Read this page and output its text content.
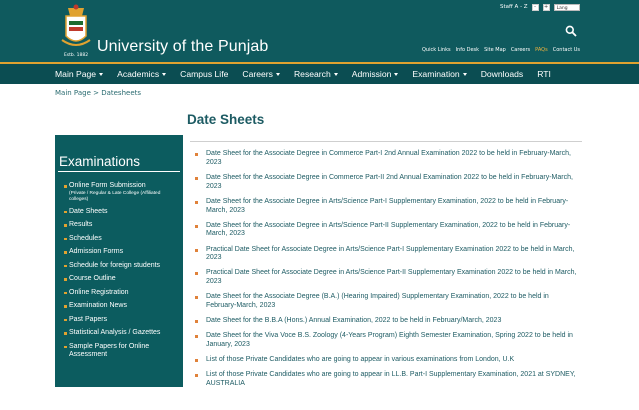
Estb. 1882
University of the Punjab
Staff A - Z	-	+	Lang
Quick Links Info Desk Site Map Careers PAQs Contact Us
Main Page Academics Campus Life Careers Research Admission Examination Downloads RTI
Main Page > Datesheets
Date Sheets
Examinations
Online Form Submission
(Private / Regular & Late College (Affiliated colleges)
Date Sheets
Results
Schedules
Admission Forms
Schedule for foreign students
Course Outline
Online Registration
Examination News
Past Papers
Statistical Analysis / Gazettes
Sample Papers for Online Assessment
Date Sheet for the Associate Degree in Commerce Part-I 2nd Annual Examination 2022 to be held in February-March, 2023
Date Sheet for the Associate Degree in Commerce Part-II 2nd Annual Examination 2022 to be held in February-March, 2023
Date Sheet for the Associate Degree in Arts/Science Part-I Supplementary Examination, 2022 to be held in February-March, 2023
Date Sheet for the Associate Degree in Arts/Science Part-II Supplementary Examination, 2022 to be held in February-March, 2023
Practical Date Sheet for Associate Degree in Arts/Science Part-I Supplementary Examination 2022 to be held in March, 2023
Practical Date Sheet for Associate Degree in Arts/Science Part-II Supplementary Examination 2022 to be held in March, 2023
Date Sheet for the Associate Degree (B.A.) (Hearing Impaired) Supplementary Examination, 2022 to be held in February-March, 2023
Date Sheet for the B.B.A (Hons.) Annual Examination, 2022 to be held in February/March, 2023
Date Sheet for the Viva Voce B.S. Zoology (4-Years Program) Eighth Semester Examination, Spring 2022 to be held in January, 2023
List of those Private Candidates who are going to appear in various examinations from London, U.K
List of those Private Candidates who are going to appear in LL.B. Part-I Supplementary Examination, 2021 at SYDNEY, AUSTRALIA
